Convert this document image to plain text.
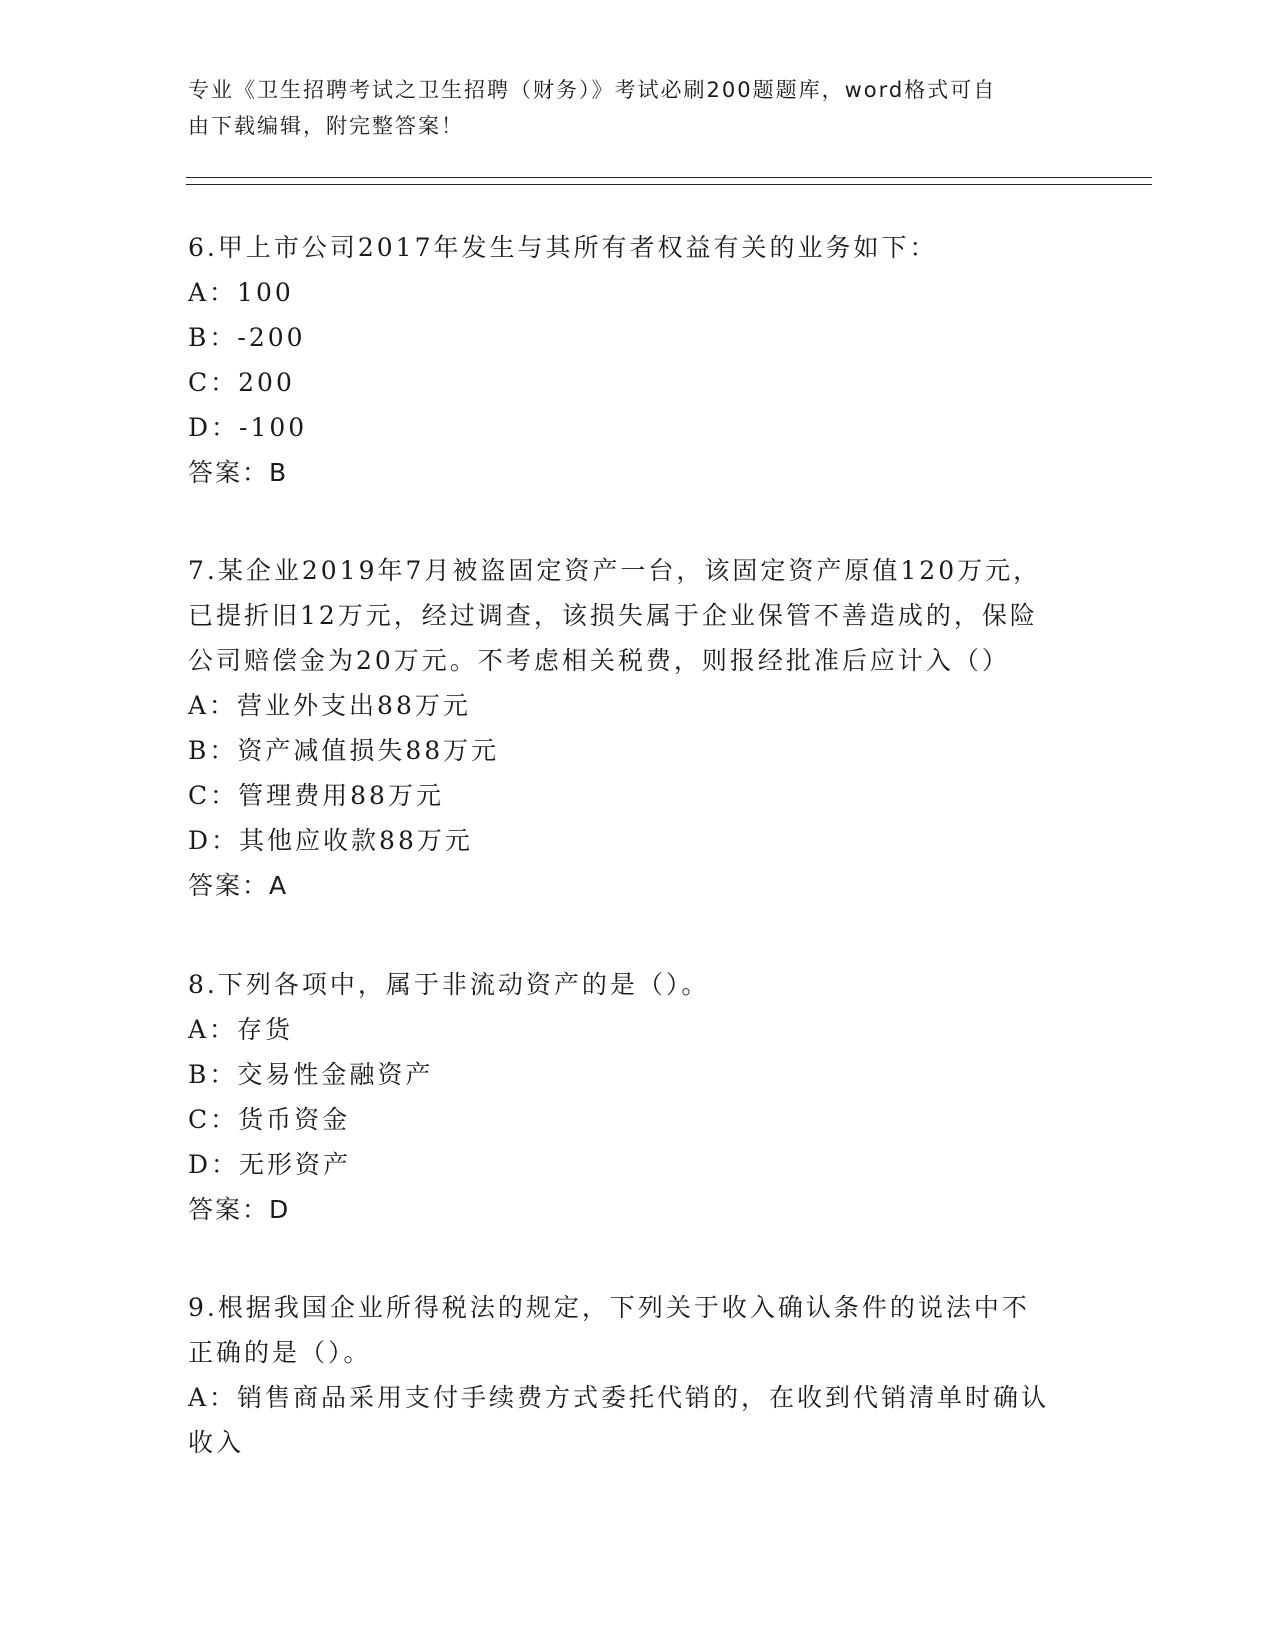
专业《卫生招聘考试之卫生招聘（财务）》考试必刷200题题库，word格式可自
由下载编辑，附完整答案！
6.甲上市公司2017年发生与其所有者权益有关的业务如下：
A：100
B：-200
C：200
D：-100
答案：B
7.某企业2019年7月被盗固定资产一台，该固定资产原值120万元，
已提折旧12万元，经过调查，该损失属于企业保管不善造成的，保险
公司赔偿金为20万元。不考虑相关税费，则报经批准后应计入（）
A：营业外支出88万元
B：资产减值损失88万元
C：管理费用88万元
D：其他应收款88万元
答案：A
8.下列各项中，属于非流动资产的是（）。
A：存货
B：交易性金融资产
C：货币资金
D：无形资产
答案：D
9.根据我国企业所得税法的规定，下列关于收入确认条件的说法中不
正确的是（）。
A：销售商品采用支付手续费方式委托代销的，在收到代销清单时确认
收入
